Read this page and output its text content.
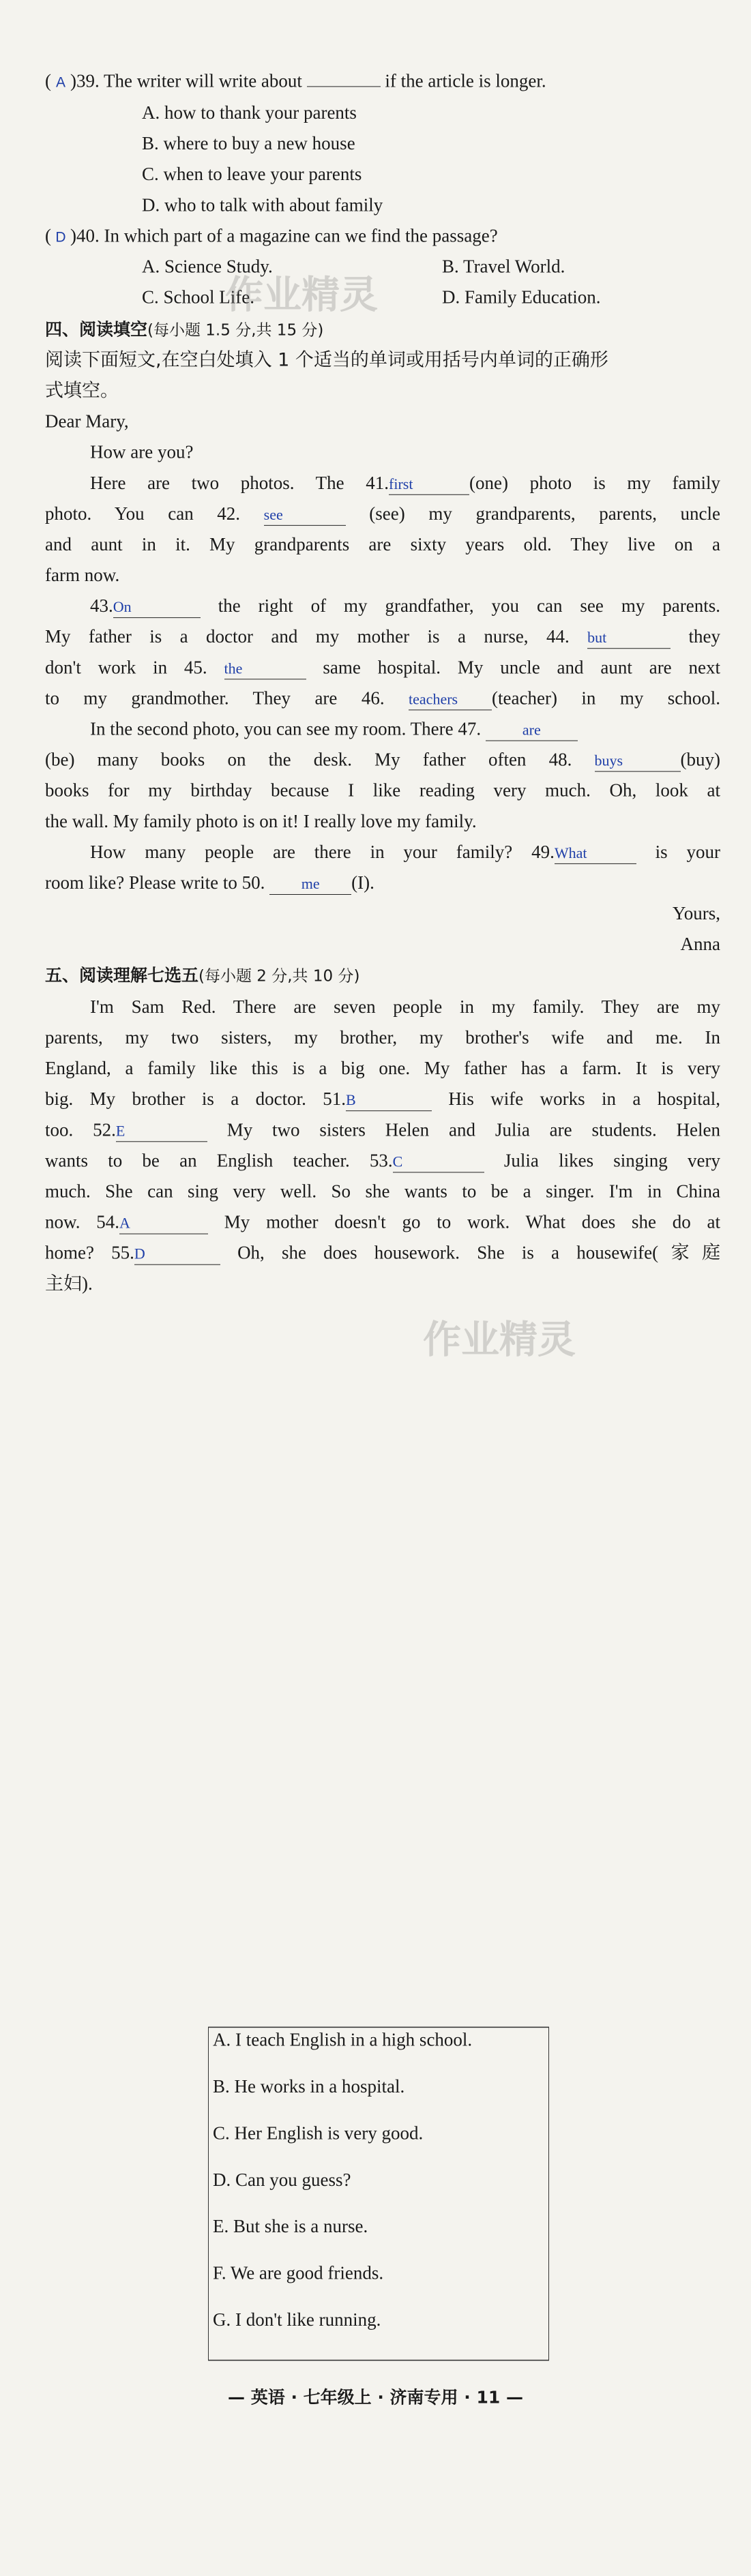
( A )39. The writer will write about	if the article is longer.
A. how to thank your parents
B. where to buy a new house
C. when to leave your parents
D. who to talk with about family
( D )40. In which part of a magazine can we find the passage?
A. Science Study.	B. Travel World.
C. School Life.	D. Family Education.
四、阅读填空(每小题 1.5 分,共 15 分)
阅读下面短文,在空白处填入 1 个适当的单词或用括号内单词的正确形
式填空。
Dear Mary,
How are you?
Here are two photos. The 41.first	(one) photo is my family
photo. You can 42. see	(see) my grandparents, parents, uncle
and aunt in it. My grandparents are sixty years old. They live on a
farm now.
43.On	the right of my grandfather, you can see my parents.
My father is a doctor and my mother is a nurse, 44. but	they
don't work in 45. the	same hospital. My uncle and aunt are next
to my grandmother. They are 46. teachers (teacher) in my school.
In the second photo, you can see my room. There 47.	are
(be) many books on the desk. My father often 48. buys	(buy)
books for my birthday because I like reading very much. Oh, look at
the wall. My family photo is on it! I really love my family.
How many people are there in your family? 49.What	is your
room like? Please write to 50. me (I).
Yours,
Anna
五、阅读理解七选五(每小题 2 分,共 10 分)
I'm Sam Red. There are seven people in my family. They are my
parents, my two sisters, my brother, my brother's wife and me. In
England, a family like this is a big one. My father has a farm. It is very
big. My brother is a doctor. 51.B	His wife works in a hospital,
too. 52.E	My two sisters Helen and Julia are students. Helen
wants to be an English teacher. 53.C	Julia likes singing very
much. She can sing very well. So she wants to be a singer. I'm in China
now. 54.A	My mother doesn't go to work. What does she do at
home? 55.D	Oh, she does housework. She is a housewife(家庭
主妇).
A. I teach English in a high school.
B. He works in a hospital.
C. Her English is very good.
D. Can you guess?
E. But she is a nurse.
F. We are good friends.
G. I don't like running.
— 英语 · 七年级上 · 济南专用 · 11 —
作业精灵
作业精灵
